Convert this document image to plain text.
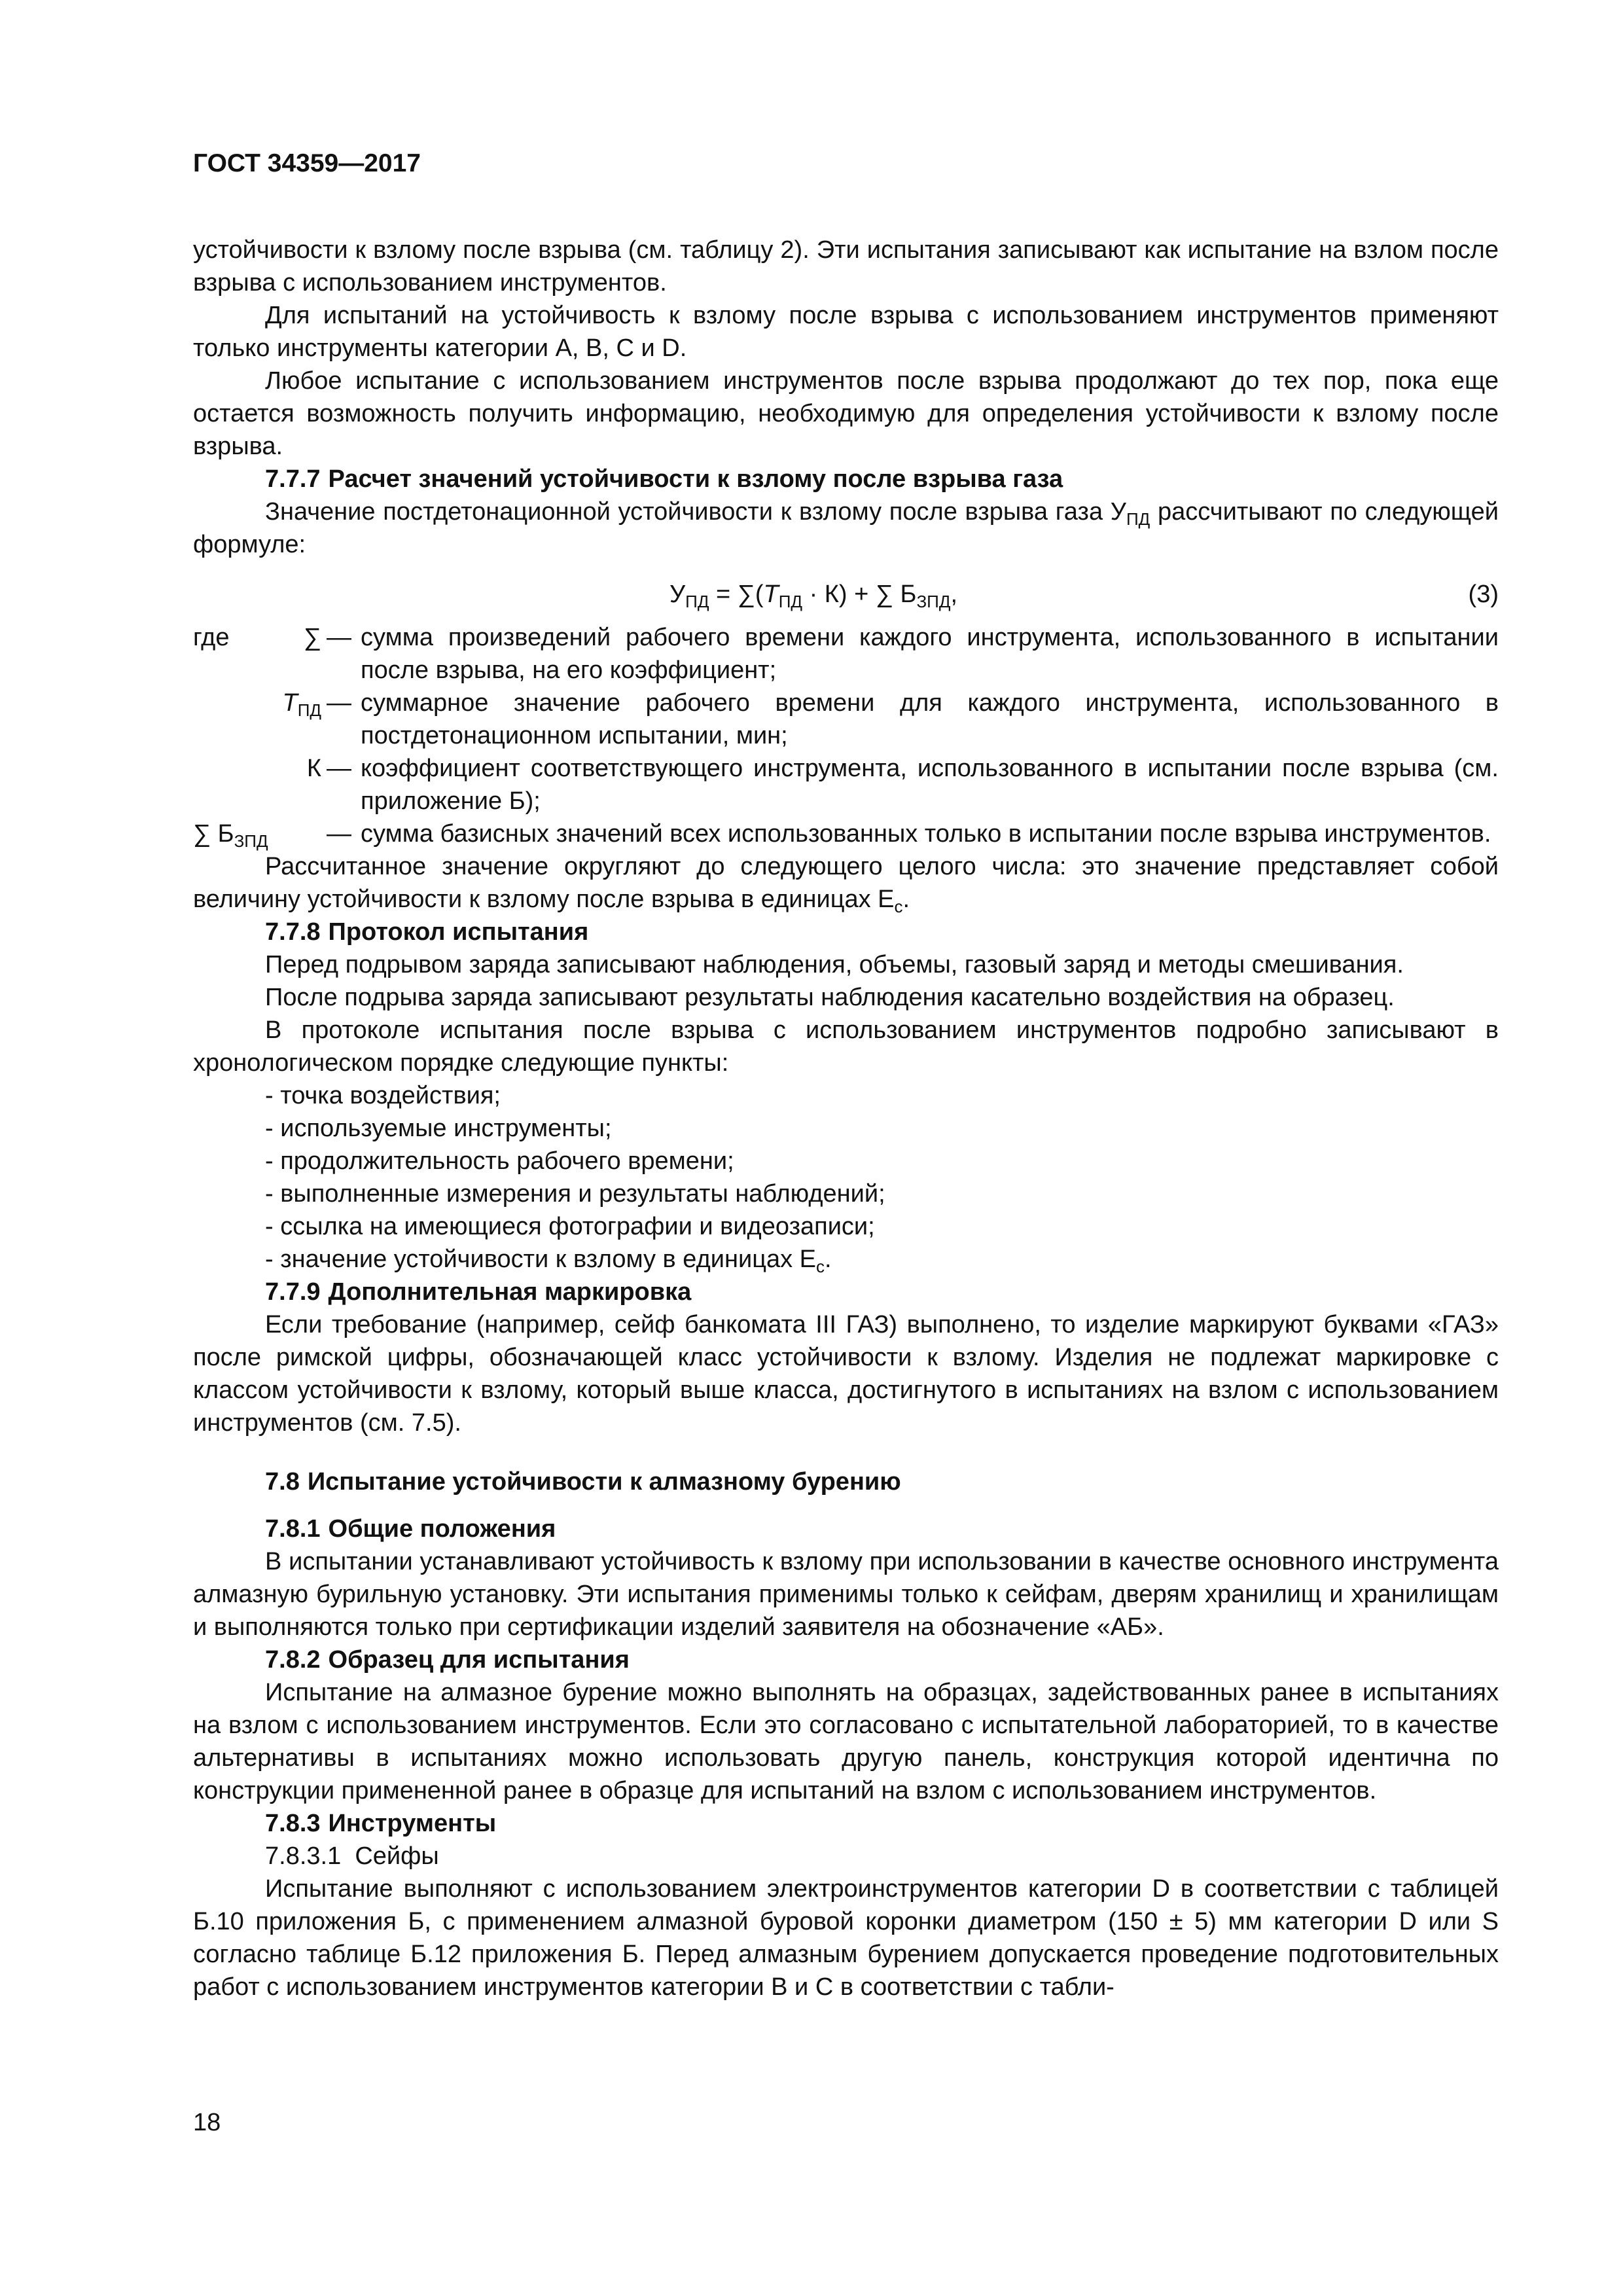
ГОСТ 34359—2017

устойчивости к взлому после взрыва (см. таблицу 2). Эти испытания записывают как испытание на взлом после взрыва с использованием инструментов.

Для испытаний на устойчивость к взлому после взрыва с использованием инструментов применяют только инструменты категории А, В, С и D.

Любое испытание с использованием инструментов после взрыва продолжают до тех пор, пока еще остается возможность получить информацию, необходимую для определения устойчивости к взлому после взрыва.

7.7.7 Расчет значений устойчивости к взлому после взрыва газа

Значение постдетонационной устойчивости к взлому после взрыва газа $У_{ПД}$ рассчитывают по следующей формуле:

$У_{ПД} = \sum(Т_{ПД} \cdot К)$ + ∑ $Б_{ЗПД}$,	(3)
где	∑ — сумма произведений рабочего времени каждого инструмента, использованного в испытании после взрыва, на его коэффициент;
$Т_{ПД}$ — суммарное значение рабочего времени для каждого инструмента, использованного в постдетонационном испытании, мин;
К — коэффициент соответствующего инструмента, использованного в испытании после взрыва (см. приложение Б);
∑ $Б_{ЗПД}$	— сумма базисных значений всех использованных только в испытании после взрыва инструментов.

Рассчитанное значение округляют до следующего целого числа: это значение представляет собой величину устойчивости к взлому после взрыва в единицах $Е_с$.

7.7.8 Протокол испытания

Перед подрывом заряда записывают наблюдения, объемы, газовый заряд и методы смешивания.

После подрыва заряда записывают результаты наблюдения касательно воздействия на образец.

В протоколе испытания после взрыва с использованием инструментов подробно записывают в хронологическом порядке следующие пункты:

- точка воздействия;
- используемые инструменты;
- продолжительность рабочего времени;
- выполненные измерения и результаты наблюдений;
- ссылка на имеющиеся фотографии и видеозаписи;
- значение устойчивости к взлому в единицах $Е_с$.

7.7.9 Дополнительная маркировка

Если требование (например, сейф банкомата III ГАЗ) выполнено, то изделие маркируют буквами «ГАЗ» после римской цифры, обозначающей класс устойчивости к взлому. Изделия не подлежат маркировке с классом устойчивости к взлому, который выше класса, достигнутого в испытаниях на взлом с использованием инструментов (см. 7.5).

7.8 Испытание устойчивости к алмазному бурению

7.8.1 Общие положения

В испытании устанавливают устойчивость к взлому при использовании в качестве основного инструмента алмазную бурильную установку. Эти испытания применимы только к сейфам, дверям хранилищ и хранилищам и выполняются только при сертификации изделий заявителя на обозначение «АБ».

7.8.2 Образец для испытания

Испытание на алмазное бурение можно выполнять на образцах, задействованных ранее в испытаниях на взлом с использованием инструментов. Если это согласовано с испытательной лабораторией, то в качестве альтернативы в испытаниях можно использовать другую панель, конструкция которой идентична по конструкции примененной ранее в образце для испытаний на взлом с использованием инструментов.

7.8.3 Инструменты

7.8.3.1  Сейфы

Испытание выполняют с использованием электроинструментов категории D в соответствии с таблицей Б.10 приложения Б, с применением алмазной буровой коронки диаметром (150 ± 5) мм категории D или S согласно таблице Б.12 приложения Б. Перед алмазным бурением допускается проведение подготовительных работ с использованием инструментов категории В и С в соответствии с табли-

18
